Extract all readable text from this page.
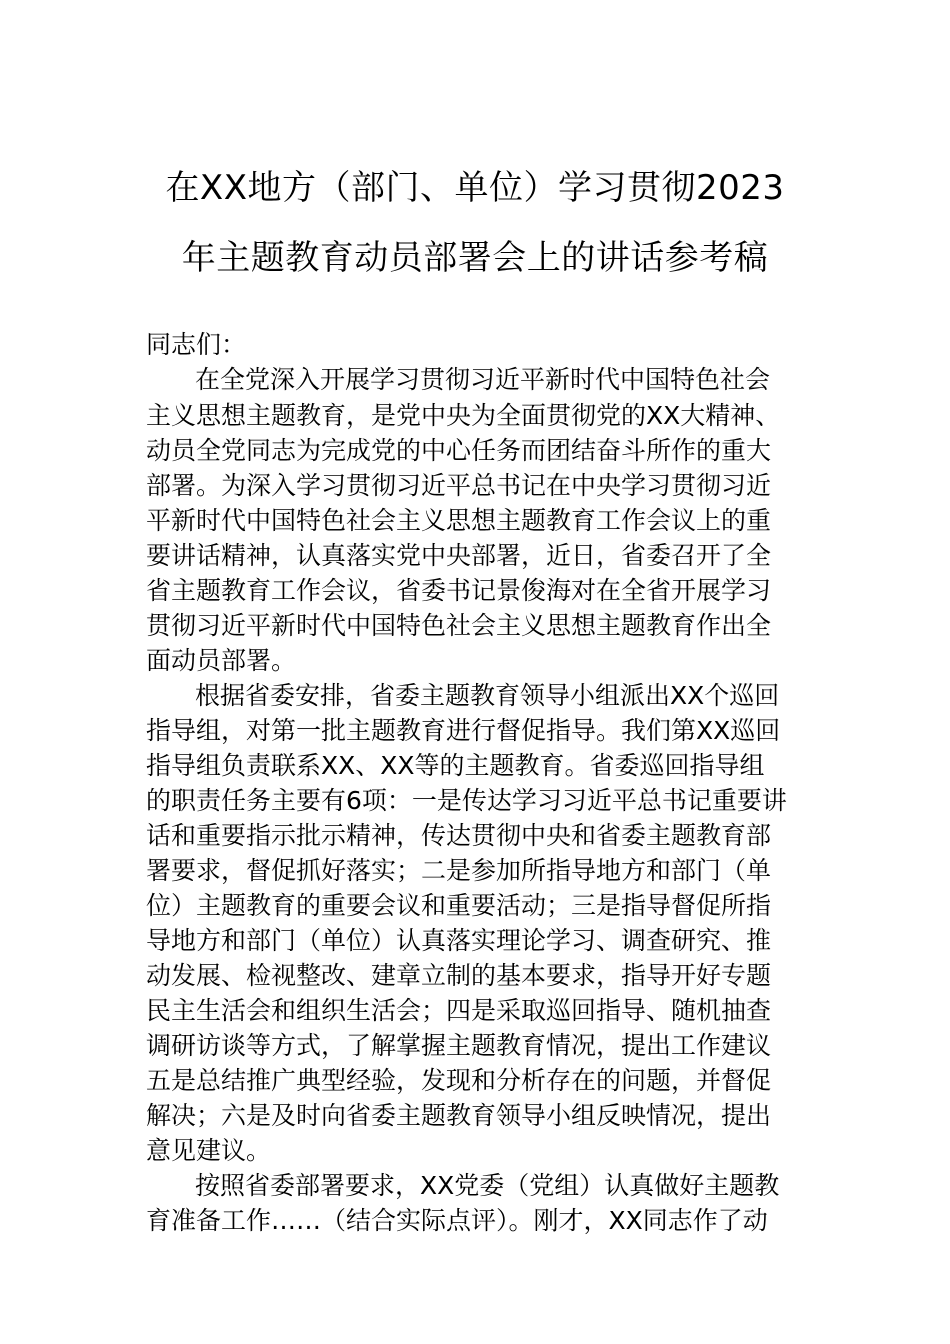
在XX地方（部门、单位）学习贯彻2023
年主题教育动员部署会上的讲话参考稿
同志们：
在全党深入开展学习贯彻习近平新时代中国特色社会
主义思想主题教育，是党中央为全面贯彻党的XX大精神、
动员全党同志为完成党的中心任务而团结奋斗所作的重大
部署。为深入学习贯彻习近平总书记在中央学习贯彻习近
平新时代中国特色社会主义思想主题教育工作会议上的重
要讲话精神，认真落实党中央部署，近日，省委召开了全
省主题教育工作会议，省委书记景俊海对在全省开展学习
贯彻习近平新时代中国特色社会主义思想主题教育作出全
面动员部署。
根据省委安排，省委主题教育领导小组派出XX个巡回
指导组，对第一批主题教育进行督促指导。我们第XX巡回
指导组负责联系XX、XX等的主题教育。省委巡回指导组
的职责任务主要有6项：一是传达学习习近平总书记重要讲
话和重要指示批示精神，传达贯彻中央和省委主题教育部
署要求，督促抓好落实；二是参加所指导地方和部门（单
位）主题教育的重要会议和重要活动；三是指导督促所指
导地方和部门（单位）认真落实理论学习、调查研究、推
动发展、检视整改、建章立制的基本要求，指导开好专题
民主生活会和组织生活会；四是采取巡回指导、随机抽查
调研访谈等方式，了解掌握主题教育情况，提出工作建议
五是总结推广典型经验，发现和分析存在的问题，并督促
解决；六是及时向省委主题教育领导小组反映情况，提出
意见建议。
按照省委部署要求，XX党委（党组）认真做好主题教
育准备工作……（结合实际点评）。刚才，XX同志作了动
